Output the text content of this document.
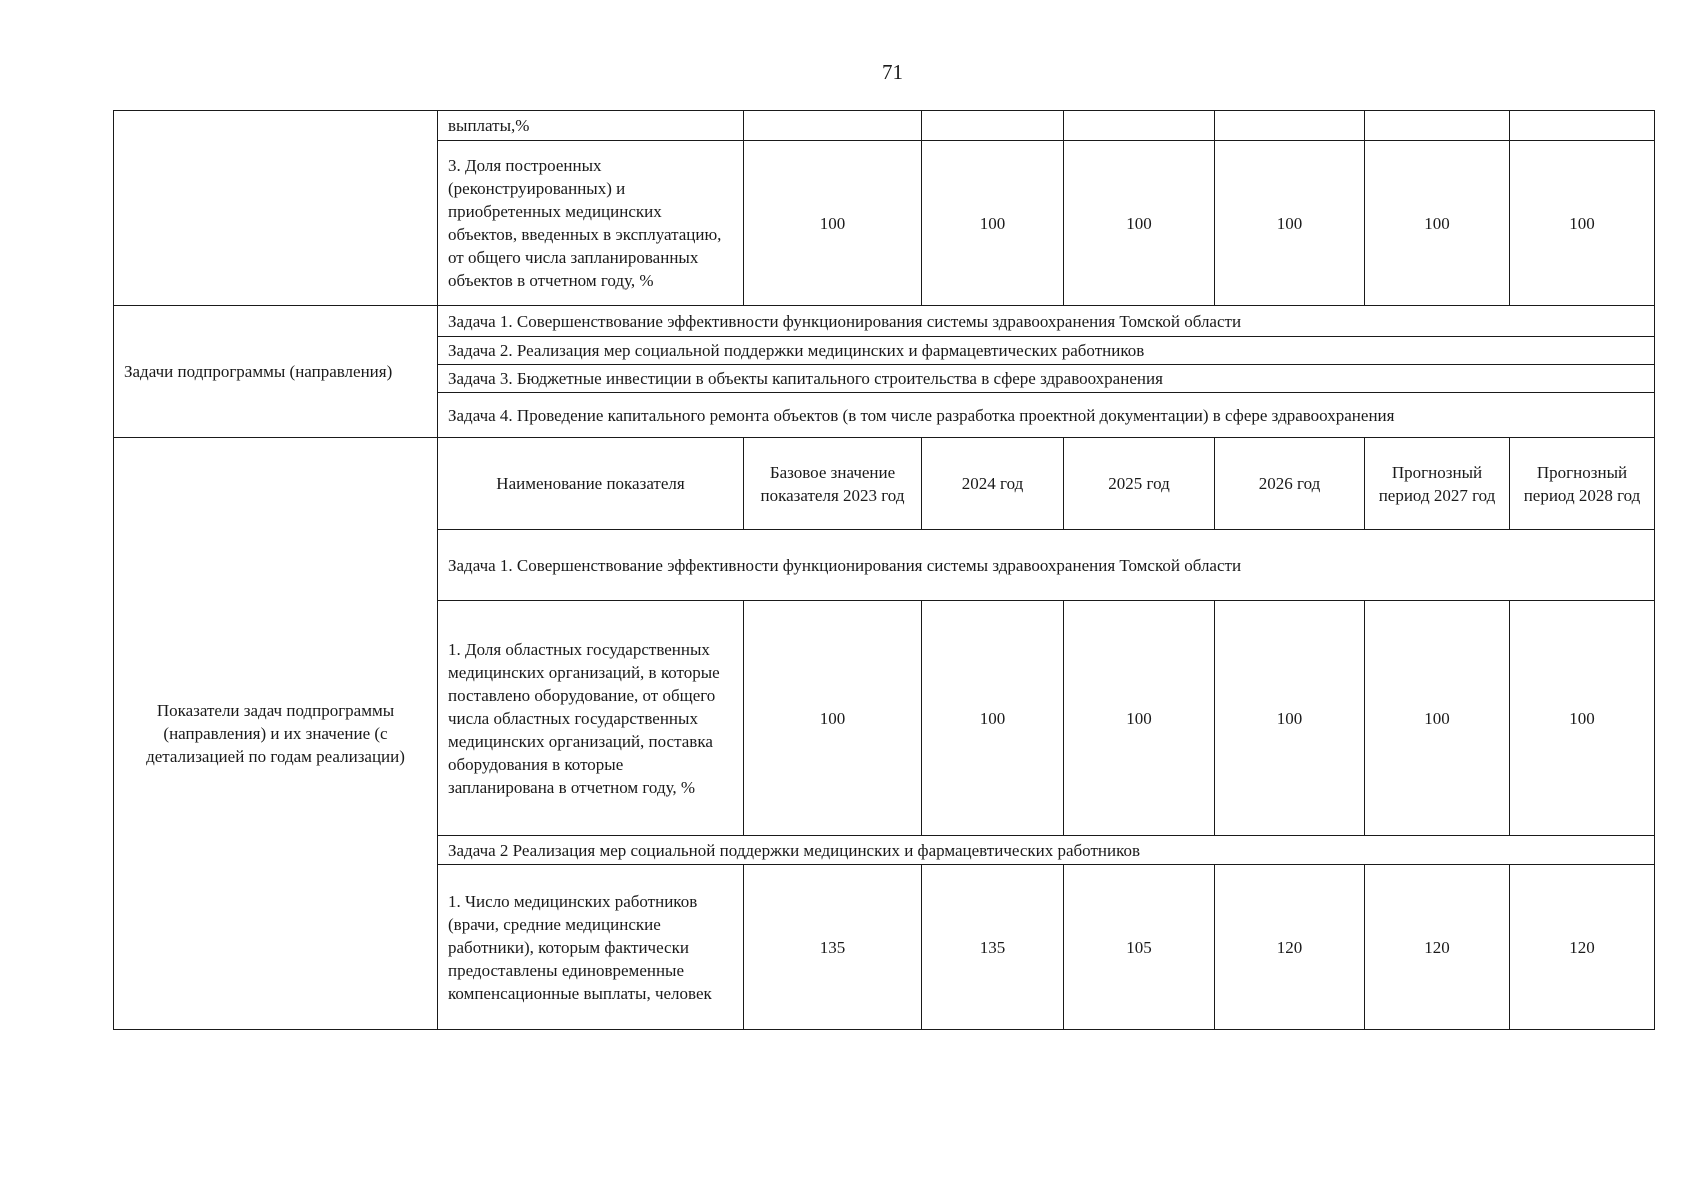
71
	выплаты,%						
	3. Доля построенных (реконструированных) и приобретенных медицинских объектов, введенных в эксплуатацию, от общего числа запланированных объектов в отчетном году, %	100	100	100	100	100	100
Задачи подпрограммы (направления)	Задача 1. Совершенствование эффективности функционирования системы здравоохранения Томской области						
	Задача 2. Реализация мер социальной поддержки медицинских и фармацевтических работников						
	Задача 3. Бюджетные инвестиции в объекты капитального строительства в сфере здравоохранения						
	Задача 4. Проведение капитального ремонта объектов (в том числе разработка проектной документации) в сфере здравоохранения						
Показатели задач подпрограммы (направления) и их значение (с детализацией по годам реализации)	Наименование показателя	Базовое значение показателя 2023 год	2024 год	2025 год	2026 год	Прогнозный период 2027 год	Прогнозный период 2028 год
	Задача 1. Совершенствование эффективности функционирования системы здравоохранения Томской области						
	1. Доля областных государственных медицинских организаций, в которые поставлено оборудование, от общего числа областных государственных медицинских организаций, поставка оборудования в которые запланирована в отчетном году, %	100	100	100	100	100	100
	Задача 2 Реализация мер социальной поддержки медицинских и фармацевтических работников						
	1. Число медицинских работников (врачи, средние медицинские работники), которым фактически предоставлены единовременные компенсационные выплаты, человек	135	135	105	120	120	120
